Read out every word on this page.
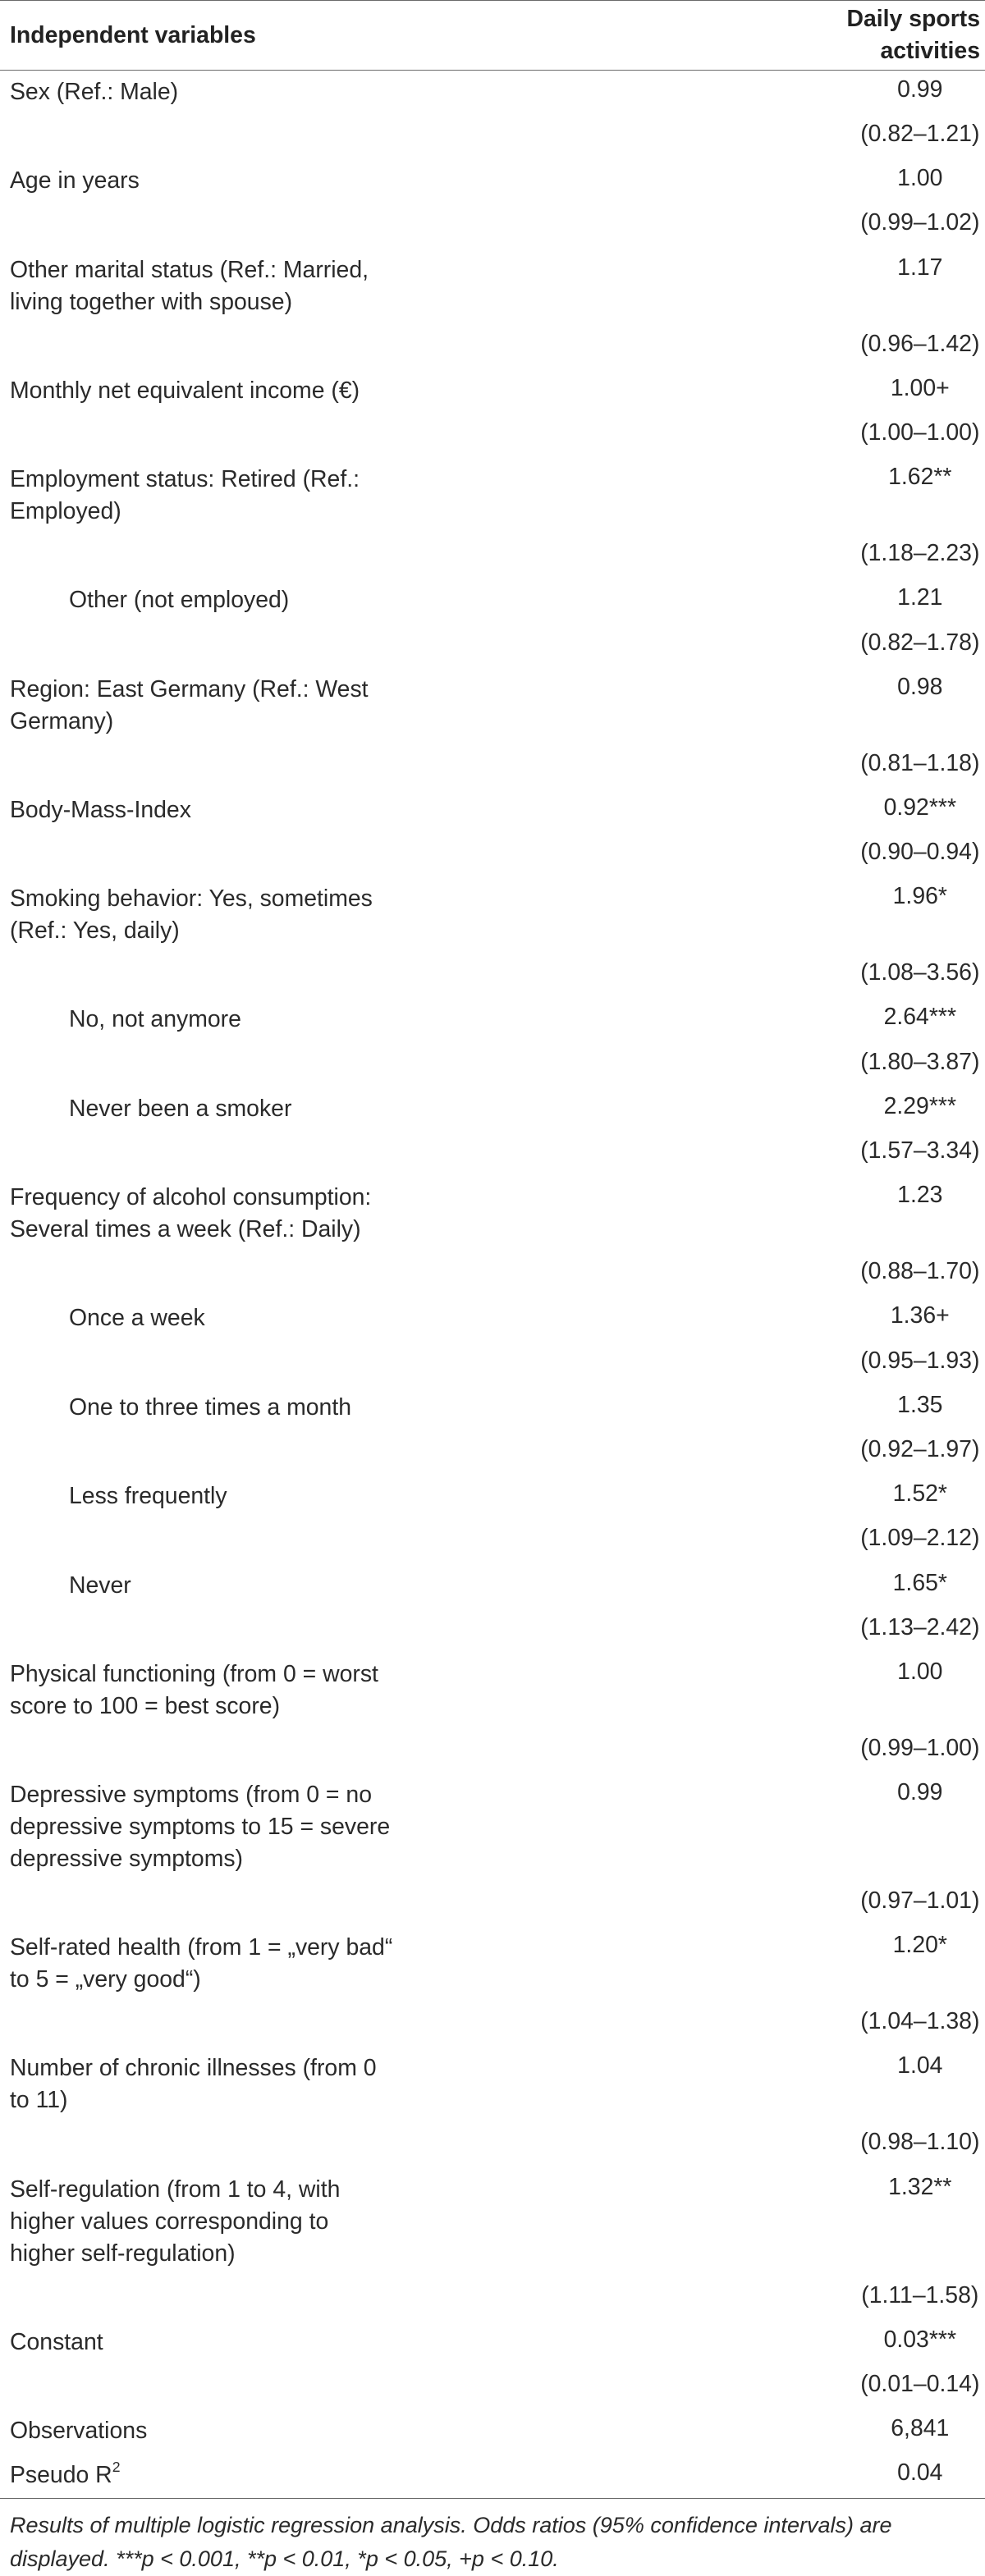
Independent variables	Daily sports activities
Sex (Ref.: Male)	0.99
	(0.82–1.21)
Age in years	1.00
	(0.99–1.02)
Other marital status (Ref.: Married, living together with spouse)	1.17
	(0.96–1.42)
Monthly net equivalent income (€)	1.00+
	(1.00–1.00)
Employment status: Retired (Ref.: Employed)	1.62**
	(1.18–2.23)
Other (not employed)	1.21
	(0.82–1.78)
Region: East Germany (Ref.: West Germany)	0.98
	(0.81–1.18)
Body-Mass-Index	0.92***
	(0.90–0.94)
Smoking behavior: Yes, sometimes (Ref.: Yes, daily)	1.96*
	(1.08–3.56)
No, not anymore	2.64***
	(1.80–3.87)
Never been a smoker	2.29***
	(1.57–3.34)
Frequency of alcohol consumption: Several times a week (Ref.: Daily)	1.23
	(0.88–1.70)
Once a week	1.36+
	(0.95–1.93)
One to three times a month	1.35
	(0.92–1.97)
Less frequently	1.52*
	(1.09–2.12)
Never	1.65*
	(1.13–2.42)
Physical functioning (from 0 = worst score to 100 = best score)	1.00
	(0.99–1.00)
Depressive symptoms (from 0 = no depressive symptoms to 15 = severe depressive symptoms)	0.99
	(0.97–1.01)
Self-rated health (from 1 = „very bad“ to 5 = „very good“)	1.20*
	(1.04–1.38)
Number of chronic illnesses (from 0 to 11)	1.04
	(0.98–1.10)
Self-regulation (from 1 to 4, with higher values corresponding to higher self-regulation)	1.32**
	(1.11–1.58)
Constant	0.03***
	(0.01–0.14)
Observations	6,841
Pseudo $R^2$	0.04
Results of multiple logistic regression analysis. Odds ratios (95% confidence intervals) are displayed. ***p < 0.001, **p < 0.01, *p < 0.05, +p < 0.10.
